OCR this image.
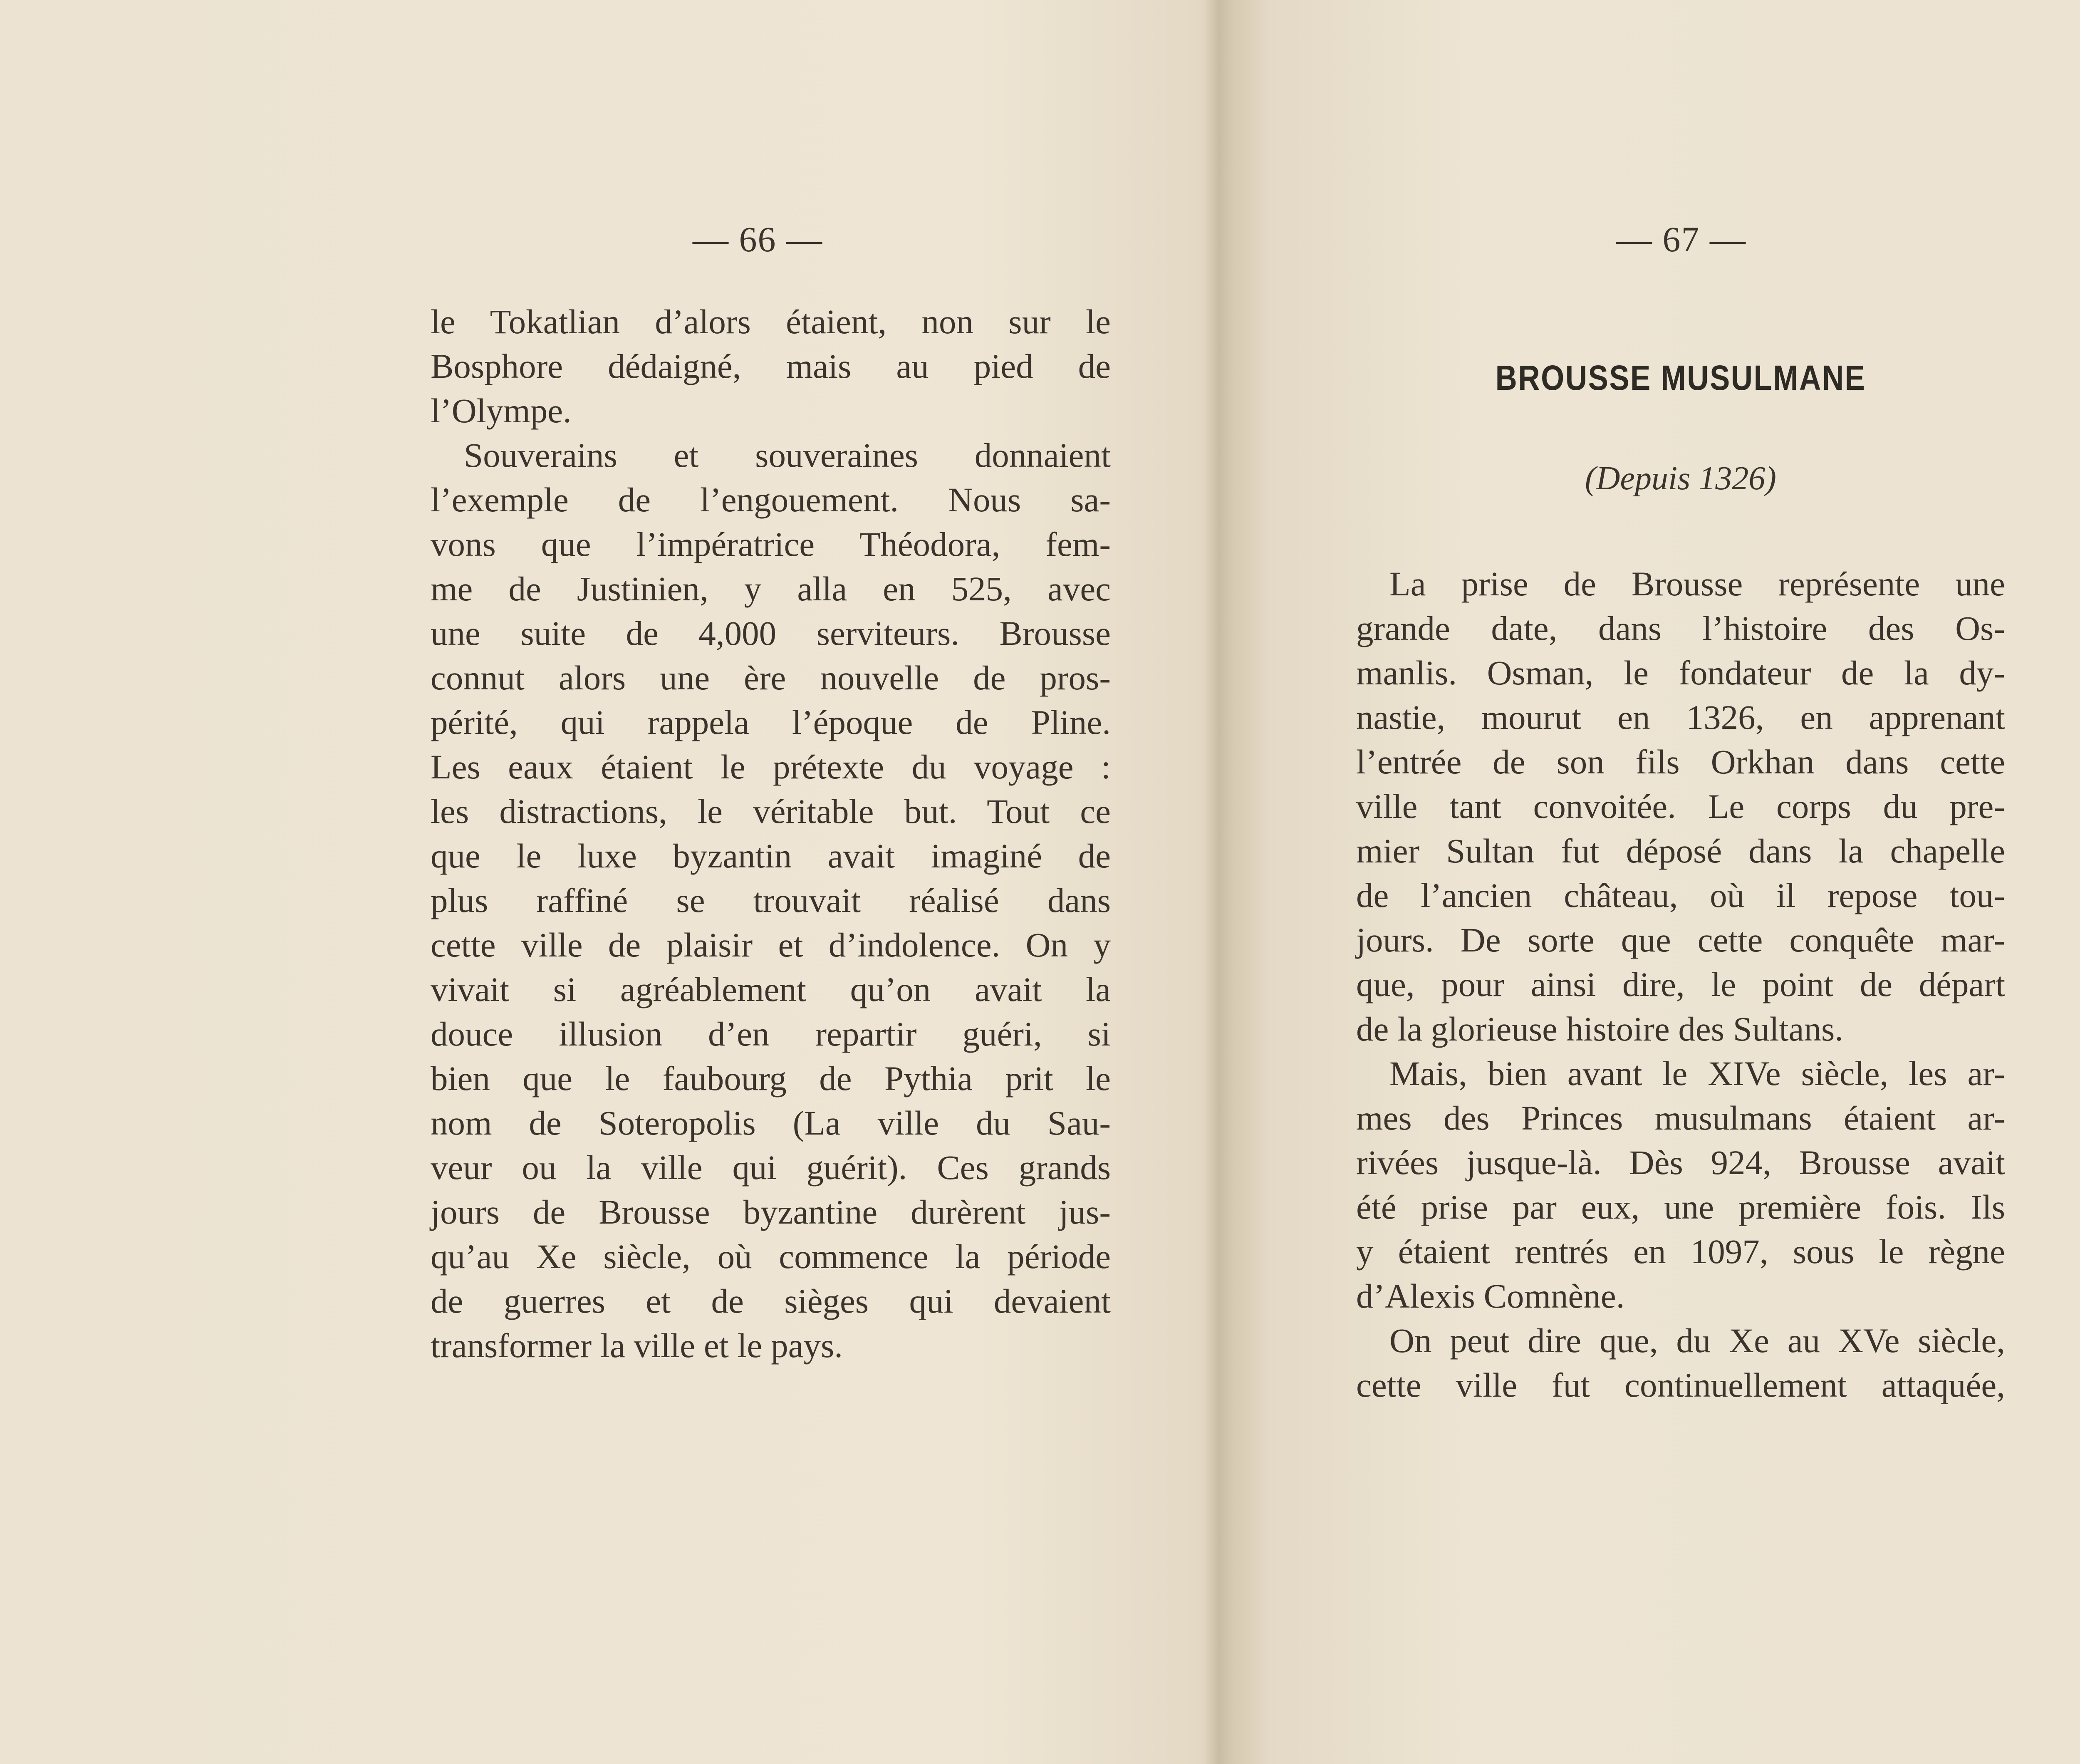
— 66 —
le Tokatlian d’alors étaient, non sur le
Bosphore dédaigné, mais au pied de
l’Olympe.
Souverains et souveraines donnaient
l’exemple de l’engouement. Nous sa-
vons que l’impératrice Théodora, fem-
me de Justinien, y alla en 525, avec
une suite de 4,000 serviteurs. Brousse
connut alors une ère nouvelle de pros-
périté, qui rappela l’époque de Pline.
Les eaux étaient le prétexte du voyage :
les distractions, le véritable but. Tout ce
que le luxe byzantin avait imaginé de
plus raffiné se trouvait réalisé dans
cette ville de plaisir et d’indolence. On y
vivait si agréablement qu’on avait la
douce illusion d’en repartir guéri, si
bien que le faubourg de Pythia prit le
nom de Soteropolis (La ville du Sau-
veur ou la ville qui guérit). Ces grands
jours de Brousse byzantine durèrent jus-
qu’au Xe siècle, où commence la période
de guerres et de sièges qui devaient
transformer la ville et le pays.
— 67 —
BROUSSE MUSULMANE
(Depuis 1326)
La prise de Brousse représente une
grande date, dans l’histoire des Os-
manlis. Osman, le fondateur de la dy-
nastie, mourut en 1326, en apprenant
l’entrée de son fils Orkhan dans cette
ville tant convoitée. Le corps du pre-
mier Sultan fut déposé dans la chapelle
de l’ancien château, où il repose tou-
jours. De sorte que cette conquête mar-
que, pour ainsi dire, le point de départ
de la glorieuse histoire des Sultans.
Mais, bien avant le XIVe siècle, les ar-
mes des Princes musulmans étaient ar-
rivées jusque-là. Dès 924, Brousse avait
été prise par eux, une première fois. Ils
y étaient rentrés en 1097, sous le règne
d’Alexis Comnène.
On peut dire que, du Xe au XVe siècle,
cette ville fut continuellement attaquée,
